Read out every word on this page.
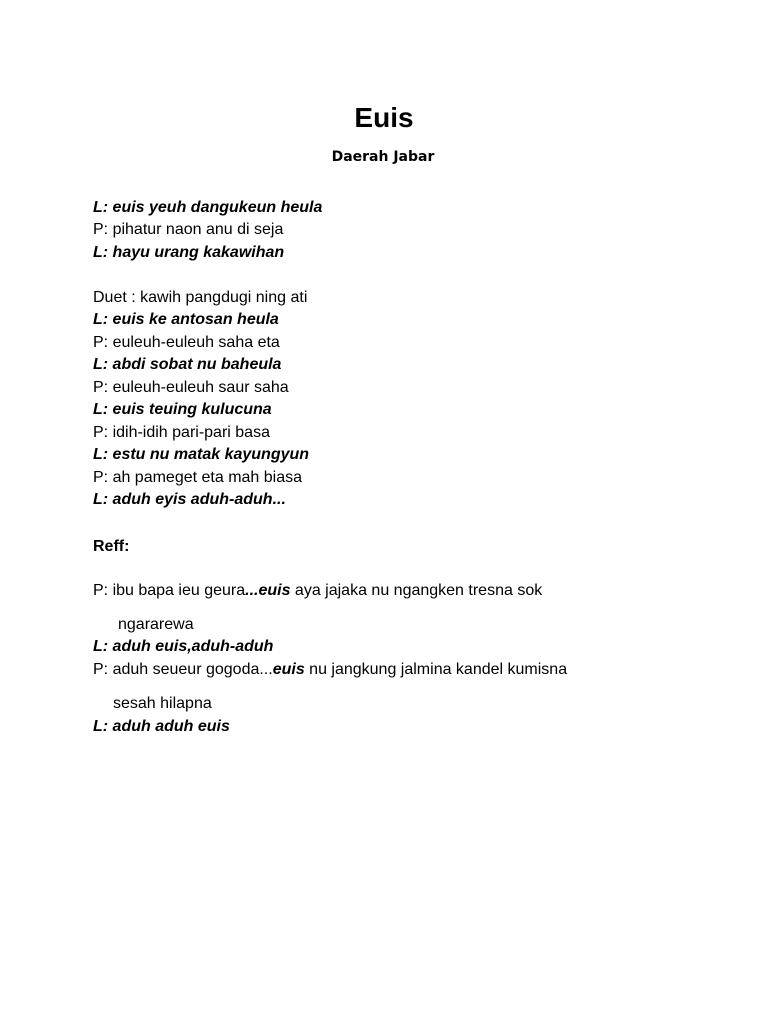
Euis
Daerah Jabar

L: euis yeuh dangukeun heula

P: pihatur naon anu di seja

L: hayu urang kakawihan

Duet : kawih pangdugi ning ati

L: euis ke antosan heula

P: euleuh-euleuh saha eta

L: abdi sobat nu baheula

P: euleuh-euleuh saur saha

L: euis teuing kulucuna

P: idih-idih pari-pari basa

L: estu nu matak kayungyun

P: ah pameget eta mah biasa

L: aduh eyis aduh-aduh...

Reff:

P: ibu bapa ieu geura...euis aya jajaka nu ngangken tresna sok

ngararewa

L: aduh euis,aduh-aduh

P: aduh seueur gogoda...euis nu jangkung jalmina kandel kumisna

sesah hilapna

L: aduh aduh euis
